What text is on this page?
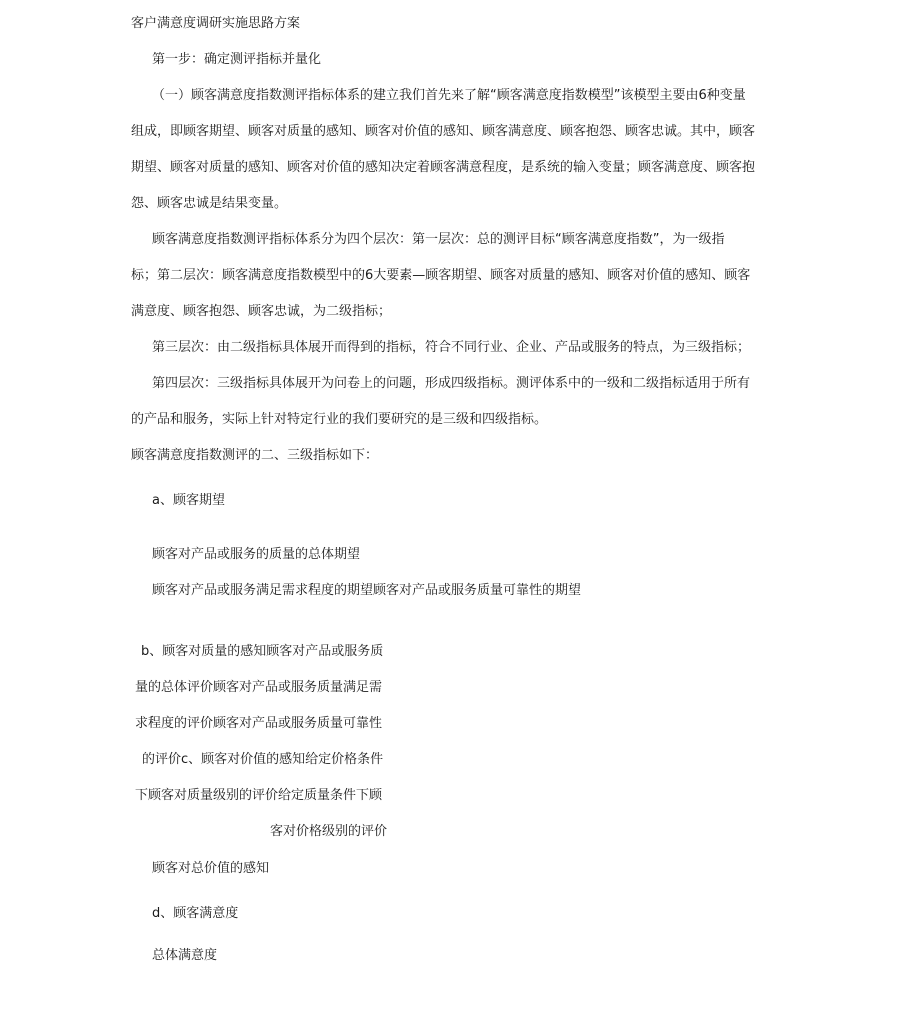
客户满意度调研实施思路方案
第一步：确定测评指标并量化
（一）顾客满意度指数测评指标体系的建立我们首先来了解“顾客满意度指数模型”该模型主要由6种变量
组成，即顾客期望、顾客对质量的感知、顾客对价值的感知、顾客满意度、顾客抱怨、顾客忠诚。其中，顾客
期望、顾客对质量的感知、顾客对价值的感知决定着顾客满意程度，是系统的输入变量；顾客满意度、顾客抱
怨、顾客忠诚是结果变量。
顾客满意度指数测评指标体系分为四个层次：第一层次：总的测评目标“顾客满意度指数”，为一级指
标；第二层次：顾客满意度指数模型中的6大要素—顾客期望、顾客对质量的感知、顾客对价值的感知、顾客
满意度、顾客抱怨、顾客忠诚，为二级指标；
第三层次：由二级指标具体展开而得到的指标，符合不同行业、企业、产品或服务的特点，为三级指标；
第四层次：三级指标具体展开为问卷上的问题，形成四级指标。测评体系中的一级和二级指标适用于所有
的产品和服务，实际上针对特定行业的我们要研究的是三级和四级指标。
顾客满意度指数测评的二、三级指标如下：
a、顾客期望
顾客对产品或服务的质量的总体期望
顾客对产品或服务满足需求程度的期望顾客对产品或服务质量可靠性的期望
b、顾客对质量的感知顾客对产品或服务质
量的总体评价顾客对产品或服务质量满足需
求程度的评价顾客对产品或服务质量可靠性
的评价c、顾客对价值的感知给定价格条件
下顾客对质量级别的评价给定质量条件下顾
客对价格级别的评价
顾客对总价值的感知
d、顾客满意度
总体满意度
